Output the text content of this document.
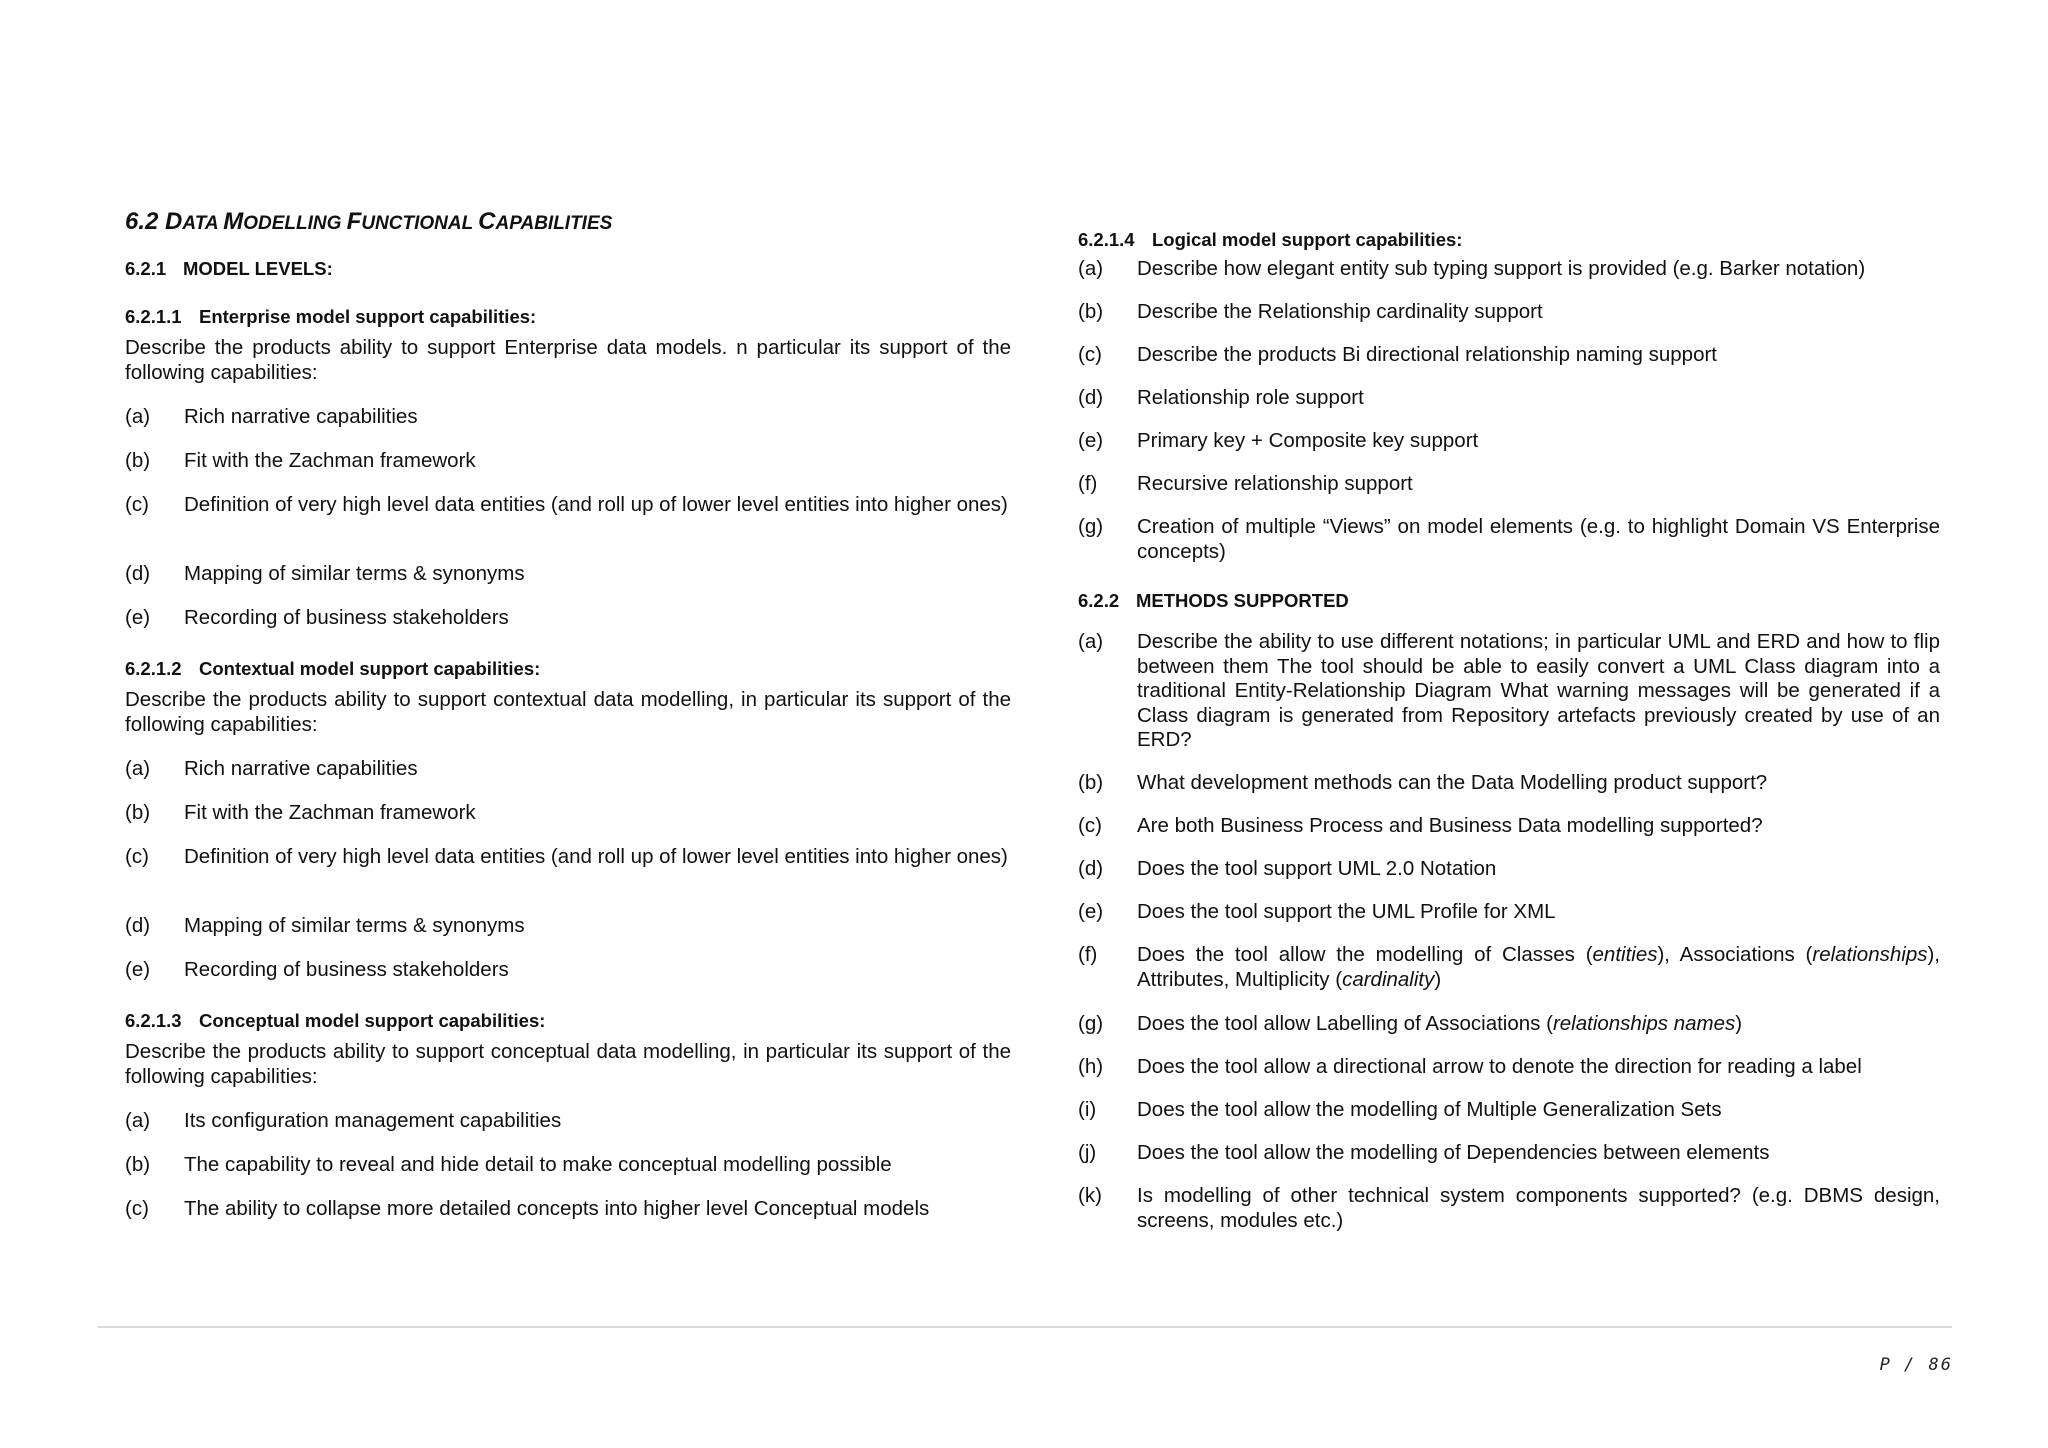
6.2 DATA MODELLING FUNCTIONAL CAPABILITIES
6.2.1 MODEL LEVELS:
6.2.1.1 Enterprise model support capabilities:

Describe the products ability to support Enterprise data models. n particular its support of the following capabilities:

(a) Rich narrative capabilities
(b) Fit with the Zachman framework
(c) Definition of very high level data entities (and roll up of lower level entities into higher ones)
(d) Mapping of similar terms & synonyms
(e) Recording of business stakeholders
6.2.1.2 Contextual model support capabilities:

Describe the products ability to support contextual data modelling, in particular its support of the following capabilities:

(a) Rich narrative capabilities
(b) Fit with the Zachman framework
(c) Definition of very high level data entities (and roll up of lower level entities into higher ones)
(d) Mapping of similar terms & synonyms
(e) Recording of business stakeholders
6.2.1.3 Conceptual model support capabilities:

Describe the products ability to support conceptual data modelling, in particular its support of the following capabilities:

(a) Its configuration management capabilities
(b) The capability to reveal and hide detail to make conceptual modelling possible
(c) The ability to collapse more detailed concepts into higher level Conceptual models
6.2.1.4 Logical model support capabilities:
(a) Describe how elegant entity sub typing support is provided (e.g. Barker notation)
(b) Describe the Relationship cardinality support
(c) Describe the products Bi directional relationship naming support
(d) Relationship role support
(e) Primary key + Composite key support
(f) Recursive relationship support
(g) Creation of multiple “Views” on model elements (e.g. to highlight Domain VS Enterprise concepts)
6.2.2 METHODS SUPPORTED
(a) Describe the ability to use different notations; in particular UML and ERD and how to flip between them The tool should be able to easily convert a UML Class diagram into a traditional Entity-Relationship Diagram What warning messages will be generated if a Class diagram is generated from Repository artefacts previously created by use of an ERD?
(b) What development methods can the Data Modelling product support?
(c) Are both Business Process and Business Data modelling supported?
(d) Does the tool support UML 2.0 Notation
(e) Does the tool support the UML Profile for XML
(f) Does the tool allow the modelling of Classes (entities), Associations (relationships), Attributes, Multiplicity (cardinality)
(g) Does the tool allow Labelling of Associations (relationships names)
(h) Does the tool allow a directional arrow to denote the direction for reading a label
(i) Does the tool allow the modelling of Multiple Generalization Sets
(j) Does the tool allow the modelling of Dependencies between elements
(k) Is modelling of other technical system components supported? (e.g. DBMS design, screens, modules etc.)
P / 86
